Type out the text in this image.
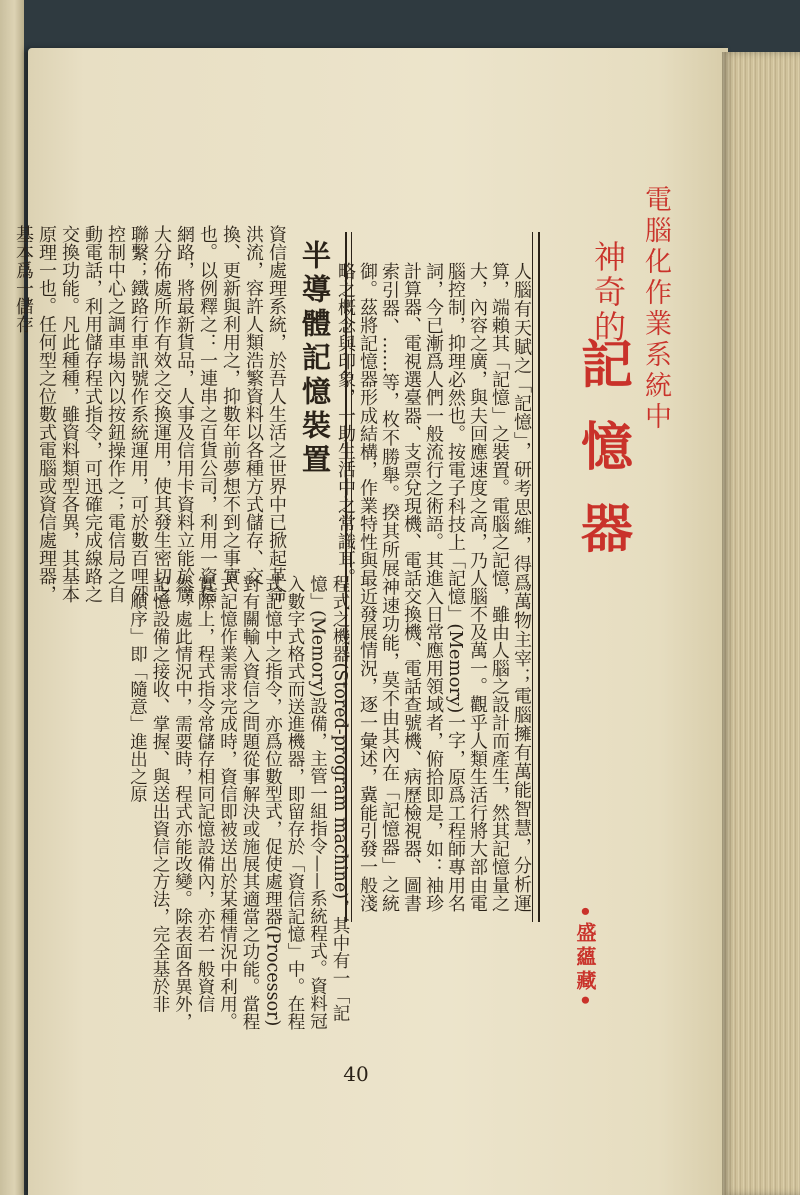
電腦化作業系統中
神奇的
記
憶
器
•盛蘊藏•
人腦有天賦之「記憶」，研考思維，得爲萬物主宰；電腦擁有萬能智慧，分析運算，端賴其「記憶」之裝置。電腦之記憶，雖由人腦之設計而產生，然其記憶量之大，內容之廣，與夫回應速度之高，乃人腦不及萬一。觀乎人類生活行將大部由電腦控制，抑理必然也。按電子科技上「記憶」(Memory)一字，原爲工程師專用名詞，今已漸爲人們一般流行之術語。其進入日常應用領域者，俯拾即是，如：袖珍計算器、電視選臺器、支票兌現機、電話交換機、電話查號機、病歷檢視器、圖書索引器、……等，枚不勝舉。揆其所展神速功能，莫不由其內在「記憶器」之統御。茲將記憶器形成結構，作業特性與最近發展情況，逐一彙述，冀能引發一般淺略之概念與印象，一助生活中之常識耳。
半導體記憶裝置
資信處理系統，於吾人生活之世界中已掀起革命洪流，容許人類浩繁資料以各種方式儲存、交換、更新與利用之，抑數年前夢想不到之事實也。以例釋之：一連串之百貨公司，利用一資信網路，將最新貨品，人事及信用卡資料立能於廣大分佈處所作有效之交換運用，使其發生密切之聯繫；鐵路行車訊號作系統運用，可於數百哩外控制中心之調車場內以按鈕操作之；電信局之自動電話，利用儲存程式指令，可迅確完成線路之交換功能。凡此種種，雖資料類型各異，其基本原理一也。任何型之位數式電腦或資信處理器，基本爲一儲存
程式之機器(Stored-program machine)，其中有一「記憶」(Memory)設備，主管一組指令——系統程式。資料冠入數字式格式而送進機器，即留存於「資信記憶」中。在程式記憶中之指令，亦爲位數型式，促使處理器(Processor)對有關輸入資信之問題從事解決或施展其適當之功能。當程式記憶作業需求完成時，資信即被送出於某種情況中利用。實際上，程式指令常儲存相同記憶設備內，亦若一般資信然；處此情況中，需要時，程式亦能改變。除表面各異外，記憶設備之接收、掌握、與送出資信之方法，完全基於非「順序」即「隨意」進出之原
40
